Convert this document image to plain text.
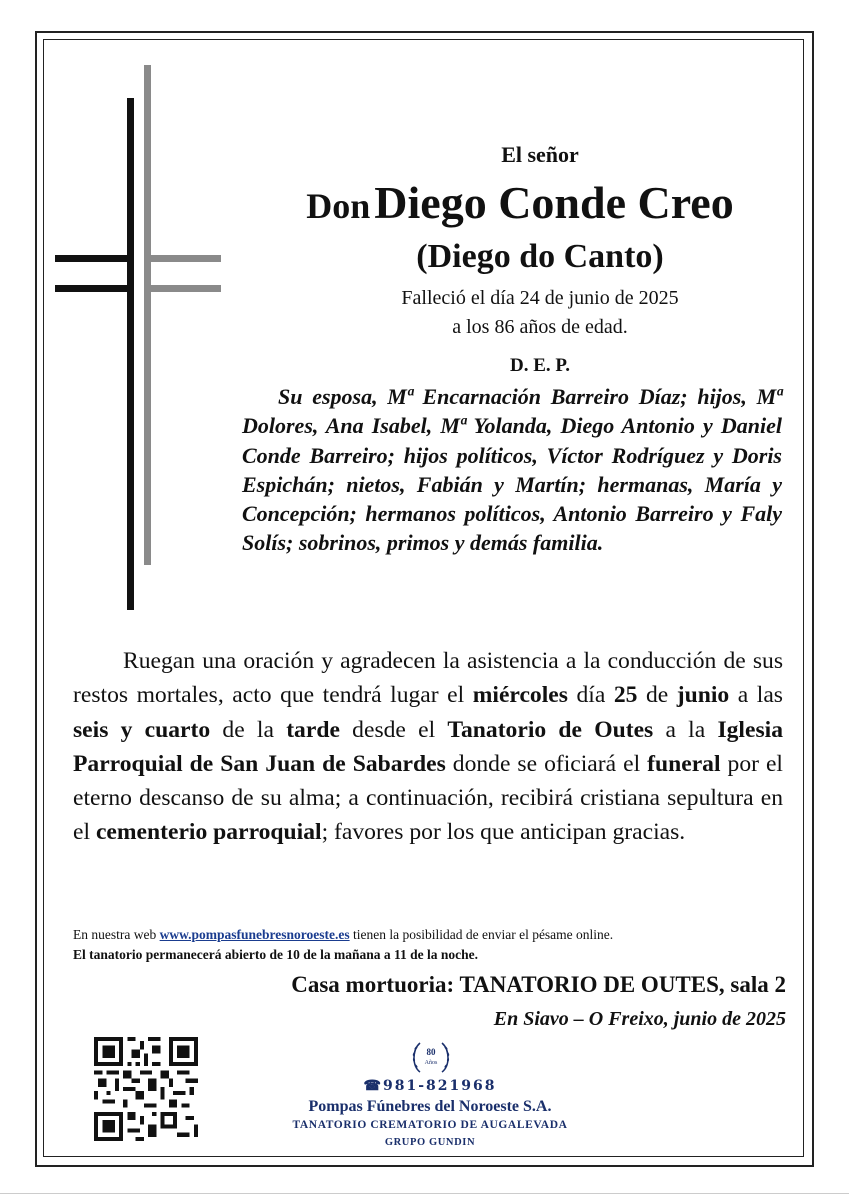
El señor
Don Diego Conde Creo
(Diego do Canto)
Falleció el día 24 de junio de 2025
a los 86 años de edad.
D. E. P.
Su esposa, Mª Encarnación Barreiro Díaz; hijos, Mª Dolores, Ana Isabel, Mª Yolanda, Diego Antonio y Daniel Conde Barreiro; hijos políticos, Víctor Rodríguez y Doris Espichán; nietos, Fabián y Martín; hermanas, María y Concepción; hermanos políticos, Antonio Barreiro y Faly Solís; sobrinos, primos y demás familia.
Ruegan una oración y agradecen la asistencia a la conducción de sus restos mortales, acto que tendrá lugar el miércoles día 25 de junio a las seis y cuarto de la tarde desde el Tanatorio de Outes a la Iglesia Parroquial de San Juan de Sabardes donde se oficiará el funeral por el eterno descanso de su alma; a continuación, recibirá cristiana sepultura en el cementerio parroquial; favores por los que anticipan gracias.
En nuestra web www.pompasfunebresnoroeste.es tienen la posibilidad de enviar el pésame online.
El tanatorio permanecerá abierto de 10 de la mañana a 11 de la noche.
Casa mortuoria: TANATORIO DE OUTES, sala 2
En Siavo – O Freixo, junio de 2025
80
Años
☎981-821968
Pompas Fúnebres del Noroeste S.A.
TANATORIO CREMATORIO DE AUGALEVADA
GRUPO GUNDIN
